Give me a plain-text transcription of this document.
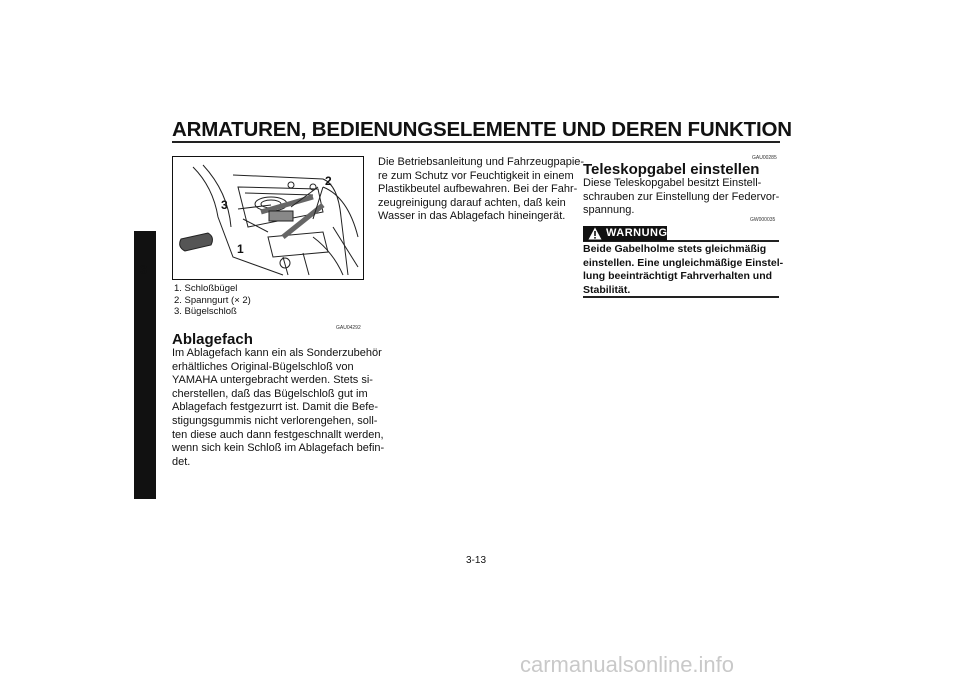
ARMATUREN, BEDIENUNGSELEMENTE UND DEREN FUNKTION
3
3
1
2
1. Schloßbügel
2. Spanngurt (× 2)
3. Bügelschloß
GAU04292
Ablagefach
Im Ablagefach kann ein als Sonderzubehör
erhältliches Original-Bügelschloß von
YAMAHA untergebracht werden. Stets si-
cherstellen, daß das Bügelschloß gut im
Ablagefach festgezurrt ist. Damit die Befe-
stigungsgummis nicht verlorengehen, soll-
ten diese auch dann festgeschnallt werden,
wenn sich kein Schloß im Ablagefach befin-
det.
Die Betriebsanleitung und Fahrzeugpapie-
re zum Schutz vor Feuchtigkeit in einem
Plastikbeutel aufbewahren. Bei der Fahr-
zeugreinigung darauf achten, daß kein
Wasser in das Ablagefach hineingerät.
GAU00285
Teleskopgabel einstellen
Diese Teleskopgabel besitzt Einstell-
schrauben zur Einstellung der Federvor-
spannung.
GW000035
WARNUNG
Beide Gabelholme stets gleichmäßig
einstellen. Eine ungleichmäßige Einstel-
lung beeinträchtigt Fahrverhalten und
Stabilität.
3-13
carmanualsonline.info
